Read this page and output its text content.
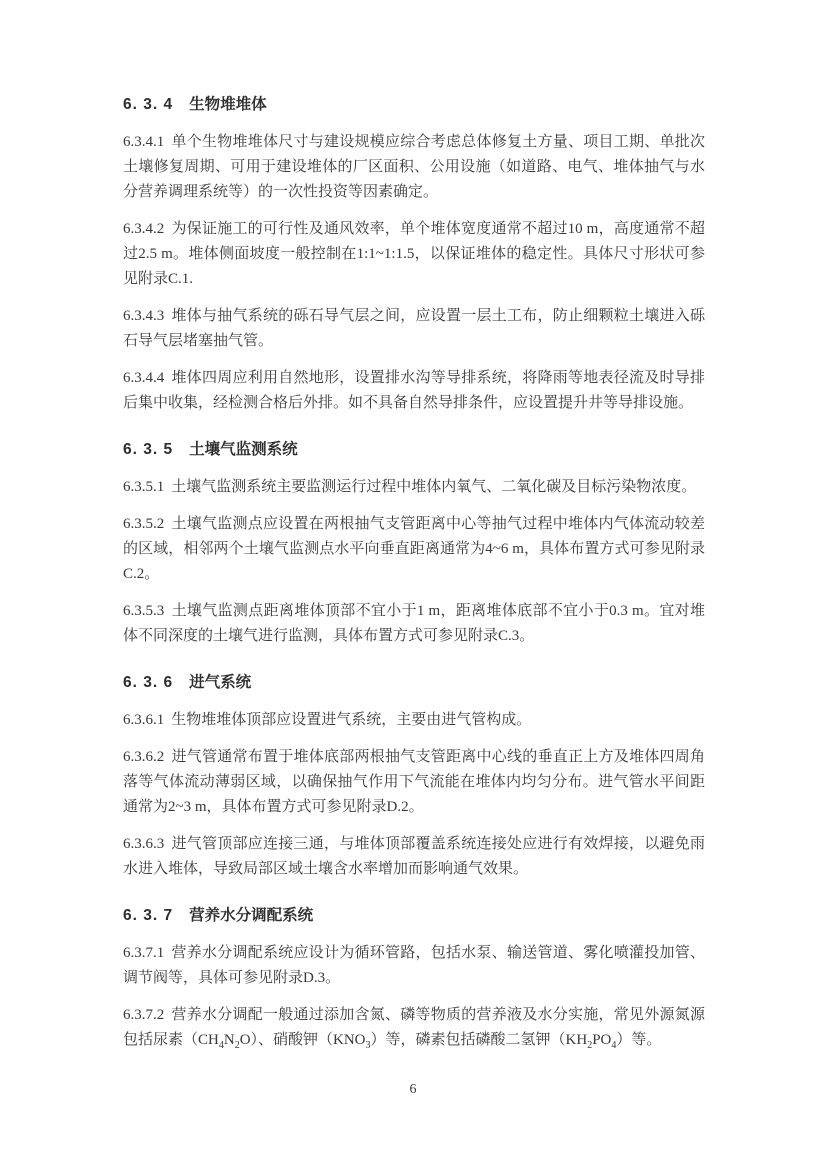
6. 3. 4 生物堆堆体

6.3.4.1 单个生物堆堆体尺寸与建设规模应综合考虑总体修复土方量、项目工期、单批次土壤修复周期、可用于建设堆体的厂区面积、公用设施（如道路、电气、堆体抽气与水分营养调理系统等）的一次性投资等因素确定。

6.3.4.2 为保证施工的可行性及通风效率，单个堆体宽度通常不超过10 m，高度通常不超过2.5 m。堆体侧面坡度一般控制在1:1~1:1.5，以保证堆体的稳定性。具体尺寸形状可参见附录C.1.

6.3.4.3 堆体与抽气系统的砾石导气层之间，应设置一层土工布，防止细颗粒土壤进入砾石导气层堵塞抽气管。

6.3.4.4 堆体四周应利用自然地形，设置排水沟等导排系统，将降雨等地表径流及时导排后集中收集，经检测合格后外排。如不具备自然导排条件，应设置提升井等导排设施。

6. 3. 5 土壤气监测系统

6.3.5.1 土壤气监测系统主要监测运行过程中堆体内氧气、二氧化碳及目标污染物浓度。

6.3.5.2 土壤气监测点应设置在两根抽气支管距离中心等抽气过程中堆体内气体流动较差的区域，相邻两个土壤气监测点水平向垂直距离通常为4~6 m，具体布置方式可参见附录C.2。

6.3.5.3 土壤气监测点距离堆体顶部不宜小于1 m，距离堆体底部不宜小于0.3 m。宜对堆体不同深度的土壤气进行监测，具体布置方式可参见附录C.3。

6. 3. 6 进气系统

6.3.6.1 生物堆堆体顶部应设置进气系统，主要由进气管构成。

6.3.6.2 进气管通常布置于堆体底部两根抽气支管距离中心线的垂直正上方及堆体四周角落等气体流动薄弱区域，以确保抽气作用下气流能在堆体内均匀分布。进气管水平间距通常为2~3 m，具体布置方式可参见附录D.2。

6.3.6.3 进气管顶部应连接三通，与堆体顶部覆盖系统连接处应进行有效焊接，以避免雨水进入堆体，导致局部区域土壤含水率增加而影响通气效果。

6. 3. 7 营养水分调配系统

6.3.7.1 营养水分调配系统应设计为循环管路，包括水泵、输送管道、雾化喷灌投加管、调节阀等，具体可参见附录D.3。

6.3.7.2 营养水分调配一般通过添加含氮、磷等物质的营养液及水分实施，常见外源氮源包括尿素$(CH_4N_2O)$、硝酸钾$(KNO_3)$等，磷素包括磷酸二氢钾$(KH_2PO_4)$等。

6
